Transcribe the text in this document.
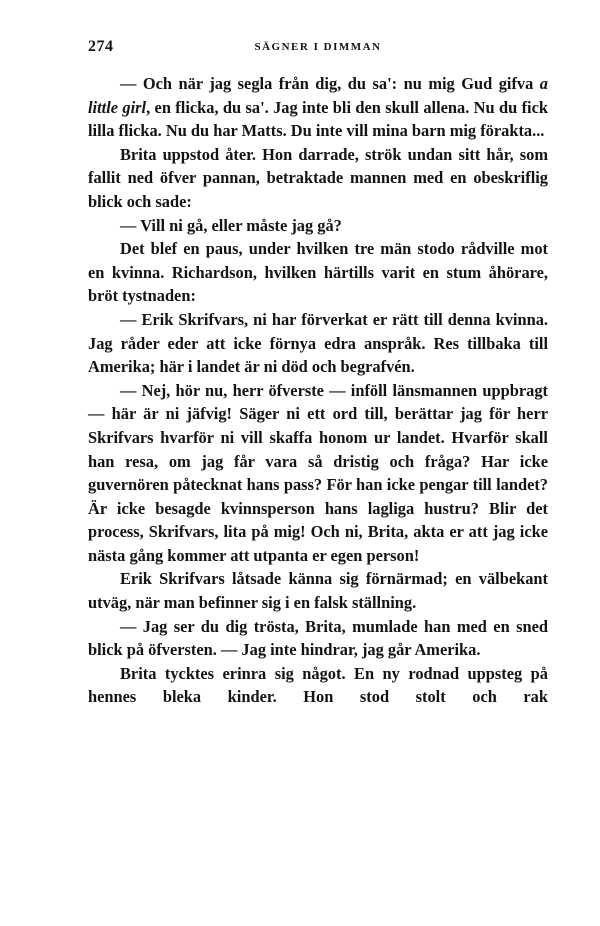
274	SÄGNER I DIMMAN

— Och när jag segla från dig, du sa': nu mig Gud gifva a little girl, en flicka, du sa'. Jag inte bli den skull allena. Nu du fick lilla flicka. Nu du har Matts. Du inte vill mina barn mig förakta...

Brita uppstod åter. Hon darrade, strök undan sitt hår, som fallit ned öfver pannan, betraktade mannen med en obeskriflig blick och sade:

— Vill ni gå, eller måste jag gå?

Det blef en paus, under hvilken tre män stodo rådville mot en kvinna. Richardson, hvilken härtills varit en stum åhörare, bröt tystnaden:

— Erik Skrifvars, ni har förverkat er rätt till denna kvinna. Jag råder eder att icke förnya edra anspråk. Res tillbaka till Amerika; här i landet är ni död och begrafvén.

— Nej, hör nu, herr öfverste — inföll länsmannen uppbragt — här är ni jäfvig! Säger ni ett ord till, berättar jag för herr Skrifvars hvarför ni vill skaffa honom ur landet. Hvarför skall han resa, om jag får vara så dristig och fråga? Har icke guvernören påtecknat hans pass? För han icke pengar till landet? Är icke besagde kvinnsperson hans lagliga hustru? Blir det process, Skrifvars, lita på mig! Och ni, Brita, akta er att jag icke nästa gång kommer att utpanta er egen person!

Erik Skrifvars låtsade känna sig förnärmad; en välbekant utväg, när man befinner sig i en falsk ställning.

— Jag ser du dig trösta, Brita, mumlade han med en sned blick på öfversten. — Jag inte hindrar, jag går Amerika.

Brita tycktes erinra sig något. En ny rodnad uppsteg på hennes bleka kinder. Hon stod stolt och rak
